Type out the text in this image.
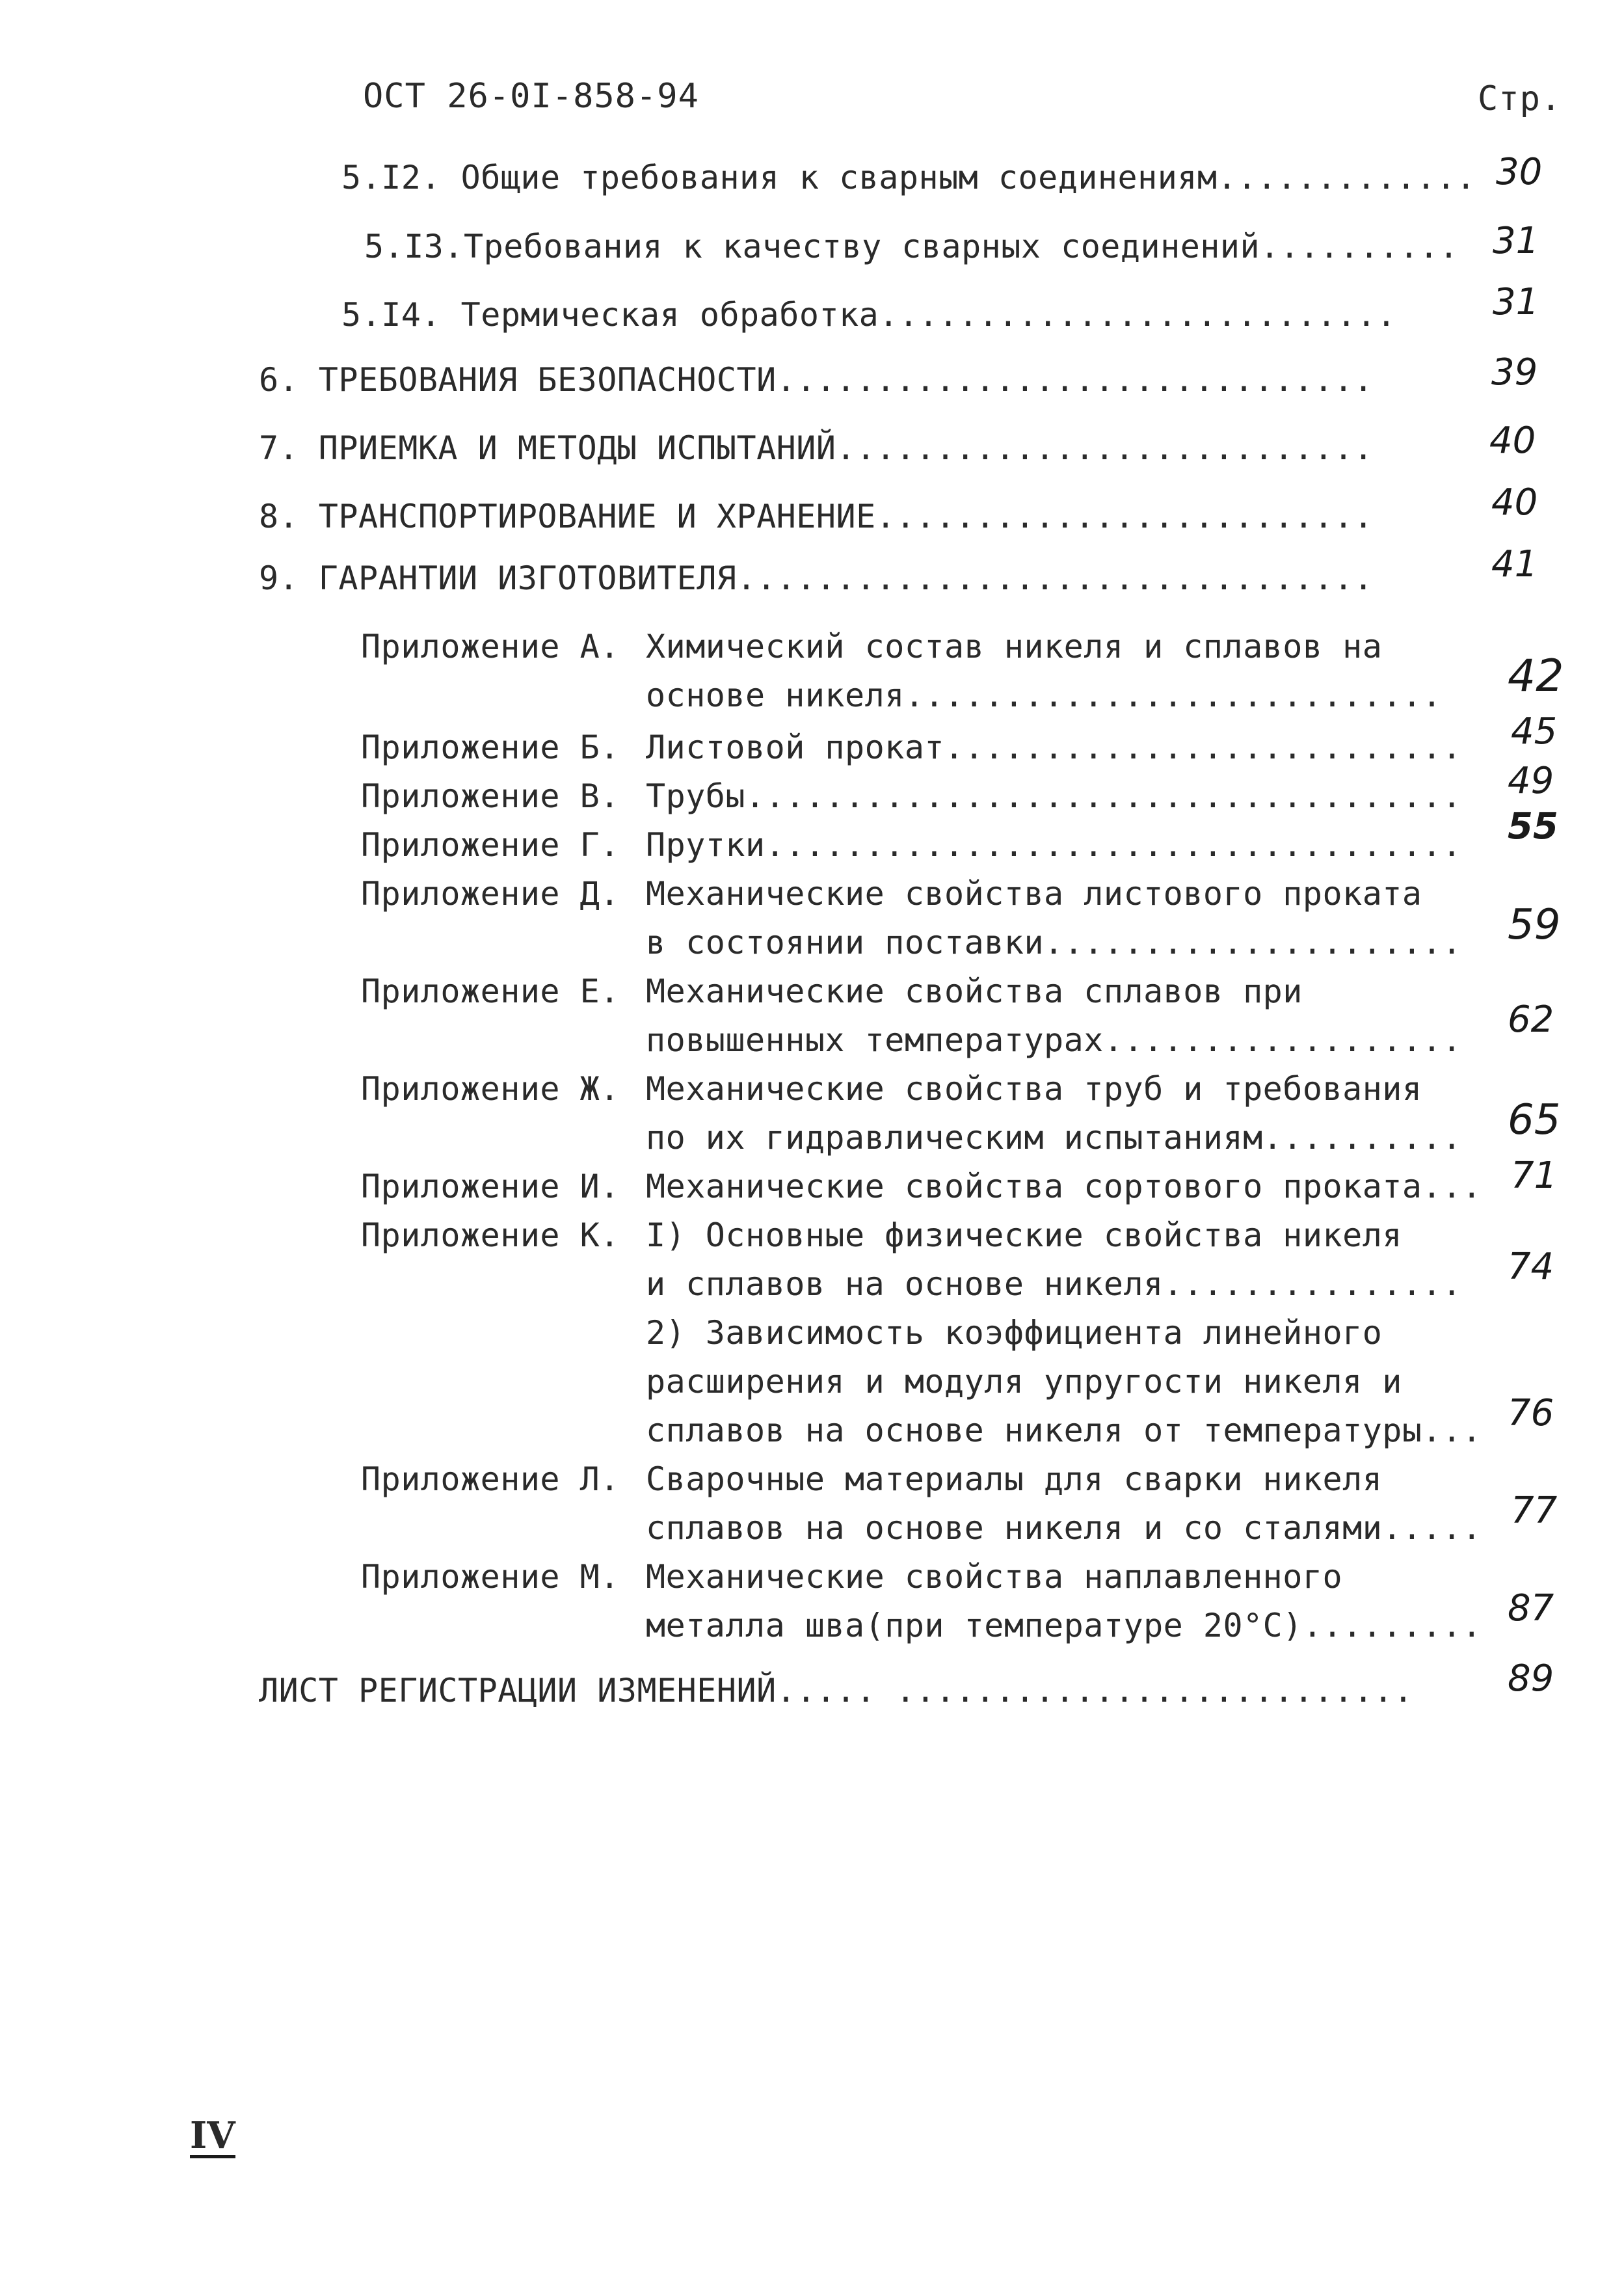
ОСТ 26-0I-858-94	Стр.
5.I2. Общие требования к сварным соединениям............. 30
5.I3.Требования к качеству сварных соединений.......... 31
5.I4. Термическая обработка..........................	31
6. ТРЕБОВАНИЯ БЕЗОПАСНОСТИ..............................	39
7. ПРИЕМКА И МЕТОДЫ ИСПЫТАНИЙ...........................	40
8. ТРАНСПОРТИРОВАНИЕ И ХРАНЕНИЕ.........................	40
9. ГАРАНТИИ ИЗГОТОВИТЕЛЯ................................	41
Приложение А. Химический состав никеля и сплавов на
основе никеля........................... 42
Приложение Б. Листовой прокат.......................... 45
Приложение В. Трубы.................................... 49
Приложение Г. Прутки................................... 55
Приложение Д. Механические свойства листового проката
в состоянии поставки..................... 59
Приложение Е. Механические свойства сплавов при
повышенных температурах.................. 62
Приложение Ж. Механические свойства труб и требования
по их гидравлическим испытаниям.......... 65
Приложение И. Механические свойства сортового проката... 71
Приложение К. I) Основные физические свойства никеля
и сплавов на основе никеля............... 74
2) Зависимость коэффициента линейного
расширения и модуля упругости никеля и
сплавов на основе никеля от температуры... 76
Приложение Л. Сварочные материалы для сварки никеля
сплавов на основе никеля и со сталями..... 77
Приложение М. Механические свойства наплавленного
металла шва(при температуре 20°C)......... 87
ЛИСТ РЕГИСТРАЦИИ ИЗМЕНЕНИЙ..... ..........................	89
IV
